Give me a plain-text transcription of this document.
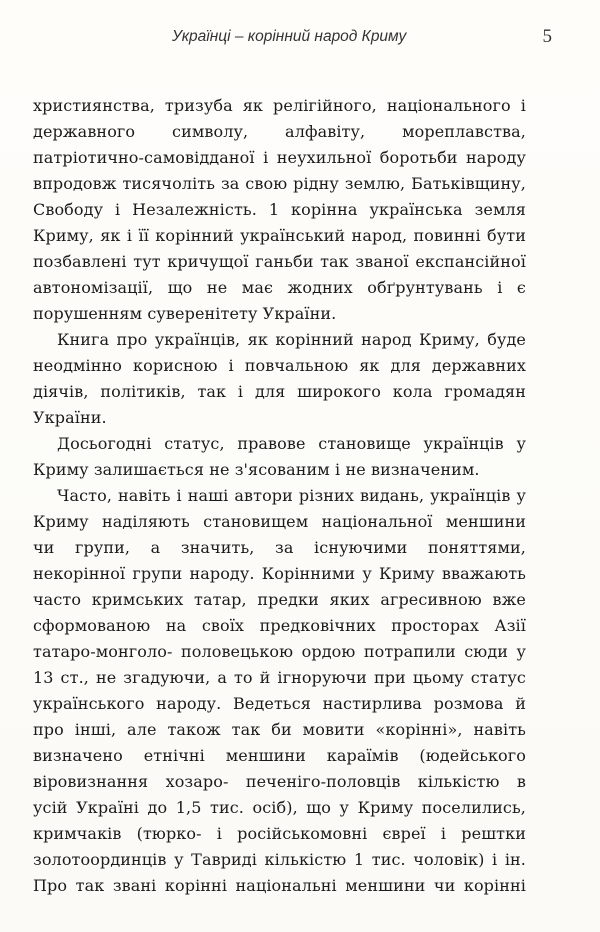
Українці – корінний народ Криму	5
християнства, тризуба як релігійного, національного і
державного символу, алфавіту, мореплавства,
патріотично-самовідданої і неухильної боротьби народу
впродовж тисячоліть за свою рідну землю, Батьківщину,
Свободу і Незалежність. 1 корінна українська земля
Криму, як і її корінний український народ, повинні бути
позбавлені тут кричущої ганьби так званої експансійної
автономізації, що не має жодних обґрунтувань і є
порушенням суверенітету України.
Книга про українців, як корінний народ Криму, буде
неодмінно корисною і повчальною як для державних
діячів, політиків, так і для широкого кола громадян
України.
Досьогодні статус, правове становище українців у
Криму залишається не з'ясованим і не визначеним.
Часто, навіть і наші автори різних видань, українців у
Криму наділяють становищем національної меншини
чи групи, а значить, за існуючими поняттями,
некорінної групи народу. Корінними у Криму вважають
часто кримських татар, предки яких агресивною вже
сформованою на своїх предковічних просторах Азії
татаро-монголо- половецькою ордою потрапили сюди у
13 ст., не згадуючи, а то й ігноруючи при цьому статус
українського народу. Ведеться настирлива розмова й
про інші, але також так би мовити «корінні», навіть
визначено етнічні меншини караїмів (юдейського
віровизнання хозаро- печеніго-половців кількістю в
усій Україні до 1,5 тис. осіб), що у Криму поселились,
кримчаків (тюрко- і російськомовні євреї і рештки
золотоординців у Тавриді кількістю 1 тис. чоловік) і ін.
Про так звані корінні національні меншини чи корінні
